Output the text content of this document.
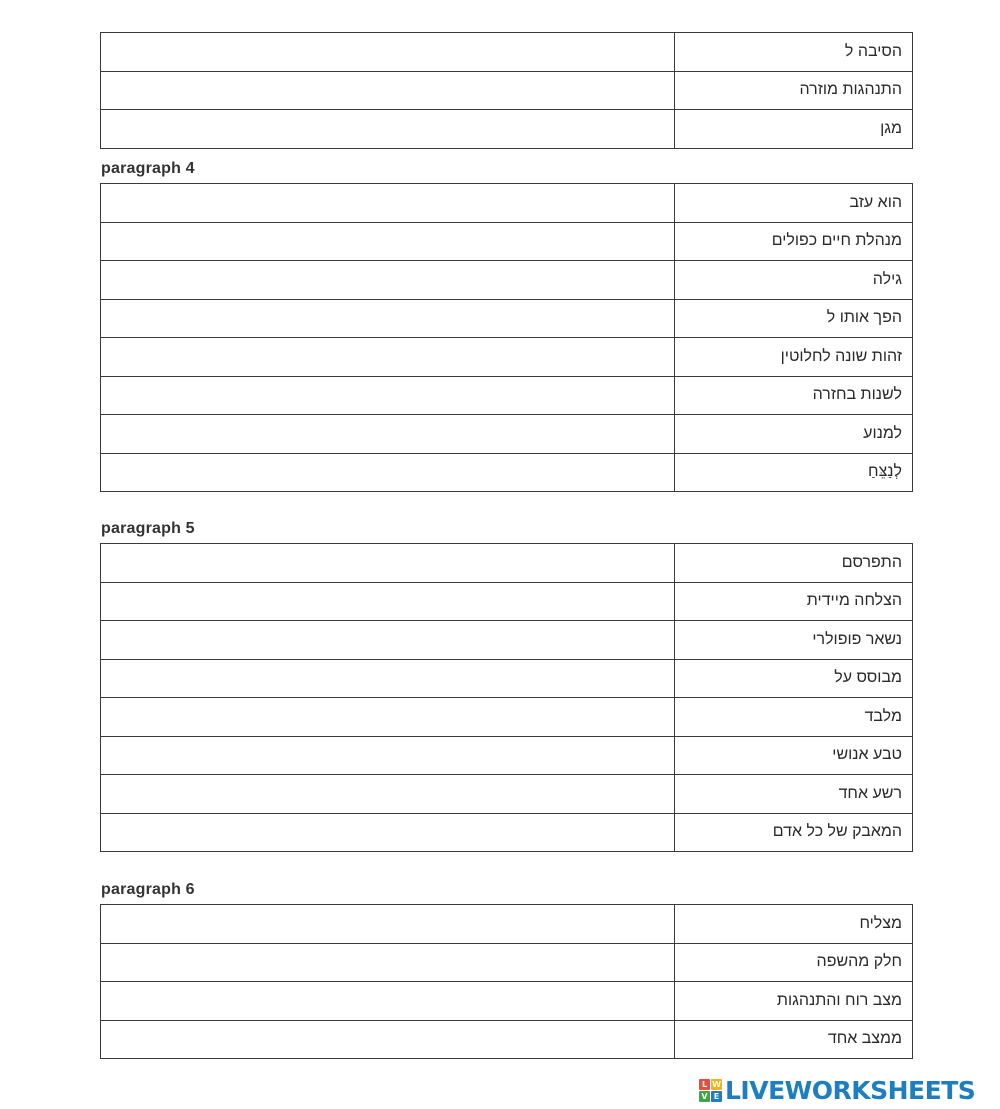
	הסיבה ל
	התנהגות מוזרה
	מגן
paragraph 4
	הוא עזב
	מנהלת חיים כפולים
	גילה
	הפך אותו ל
	זהות שונה לחלוטין
	לשנות בחזרה
	למנוע
	לְנַצֵּחַ
paragraph 5
	התפרסם
	הצלחה מיידית
	נשאר פופולרי
	מבוסס על
	מלבד
	טבע אנושי
	רשע אחד
	המאבק של כל אדם
paragraph 6
	מצליח
	חלק מהשפה
	מצב רוח והתנהגות
	ממצב אחד
L W
V E LIVEWORKSHEETS
